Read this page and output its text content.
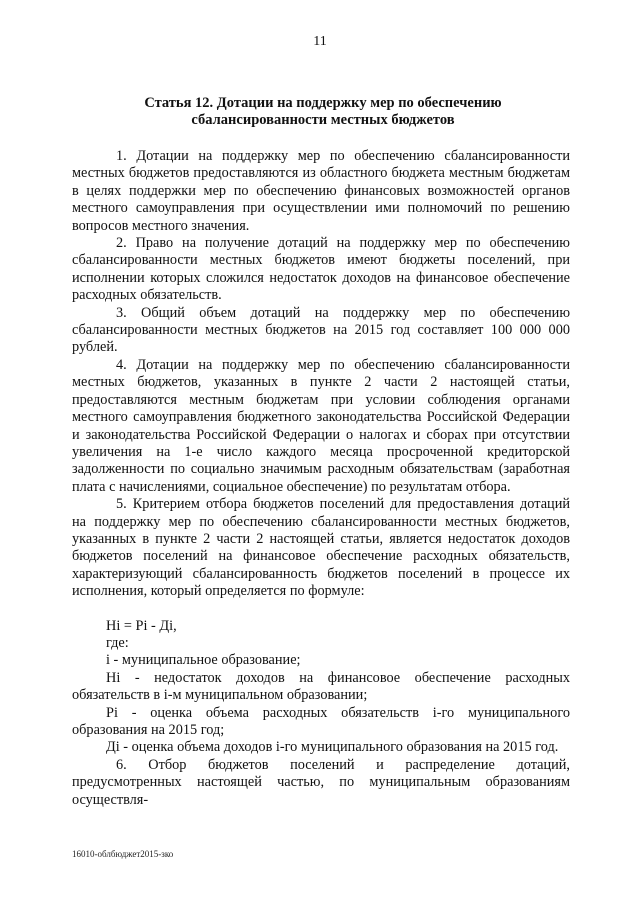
11
Статья 12. Дотации на поддержку мер по обеспечению
сбалансированности местных бюджетов

1. Дотации на поддержку мер по обеспечению сбалансированности местных бюджетов предоставляются из областного бюджета местным бюджетам в целях поддержки мер по обеспечению финансовых возможностей органов местного самоуправления при осуществлении ими полномочий по решению вопросов местного значения.

2. Право на получение дотаций на поддержку мер по обеспечению сбалансированности местных бюджетов имеют бюджеты поселений, при исполнении которых сложился недостаток доходов на финансовое обеспечение расходных обязательств.

3. Общий объем дотаций на поддержку мер по обеспечению сбалансированности местных бюджетов на 2015 год составляет 100 000 000 рублей.

4. Дотации на поддержку мер по обеспечению сбалансированности местных бюджетов, указанных в пункте 2 части 2 настоящей статьи, предоставляются местным бюджетам при условии соблюдения органами местного самоуправления бюджетного законодательства Российской Федерации и законодательства Российской Федерации о налогах и сборах при отсутствии увеличения на 1-е число каждого месяца просроченной кредиторской задолженности по социально значимым расходным обязательствам (заработная плата с начислениями, социальное обеспечение) по результатам отбора.

5. Критерием отбора бюджетов поселений для предоставления дотаций на поддержку мер по обеспечению сбалансированности местных бюджетов, указанных в пункте 2 части 2 настоящей статьи, является недостаток доходов бюджетов поселений на финансовое обеспечение расходных обязательств, характеризующий сбалансированность бюджетов поселений в процессе их исполнения, который определяется по формуле:

Hi = Pi - Дi,

где:

i - муниципальное образование;

Hi - недостаток доходов на финансовое обеспечение расходных обязательств в i-м муниципальном образовании;

Pi - оценка объема расходных обязательств i-го муниципального образования на 2015 год;

Дi - оценка объема доходов i-го муниципального образования на 2015 год.

6. Отбор бюджетов поселений и распределение дотаций, предусмотренных настоящей частью, по муниципальным образованиям осуществля-

16010-облбюджет2015-зко
